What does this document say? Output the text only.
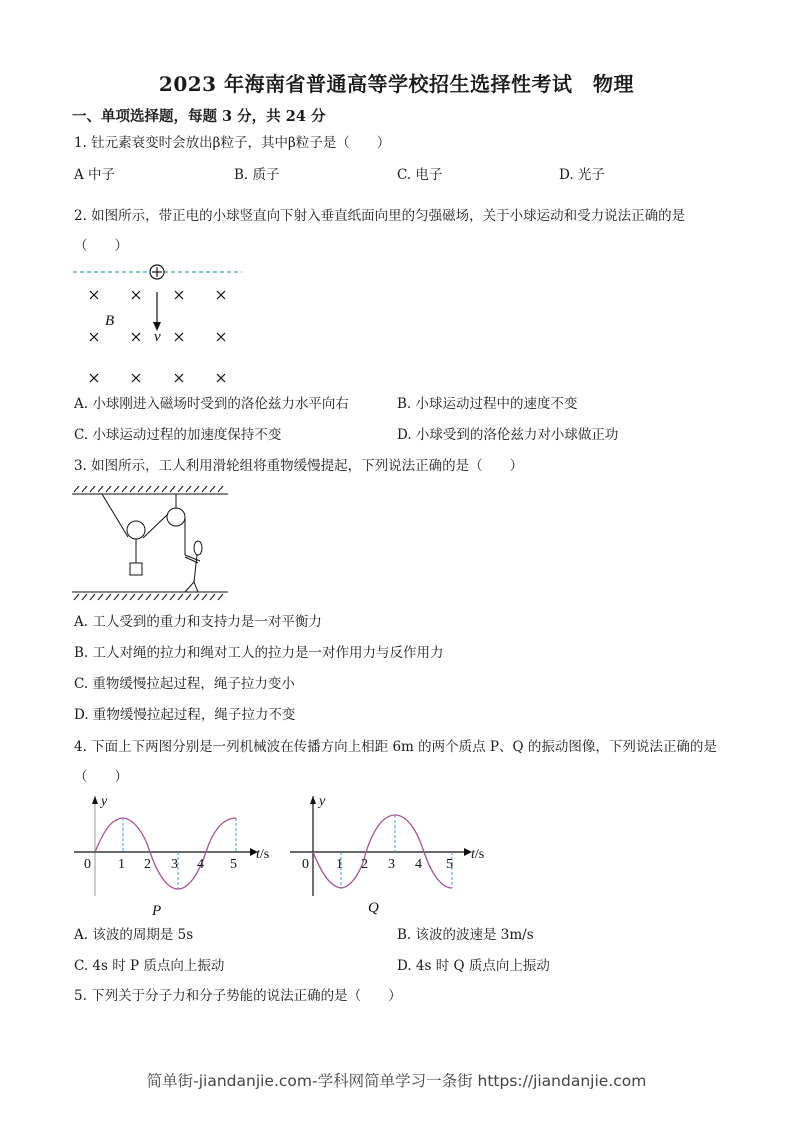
2023 年海南省普通高等学校招生选择性考试　物理
一、单项选择题，每题 3 分，共 24 分
1. 钍元素衰变时会放出β粒子，其中β粒子是（　　）
A 中子	B. 质子	C. 电子	D. 光子
2. 如图所示，带正电的小球竖直向下射入垂直纸面向里的匀强磁场，关于小球运动和受力说法正确的是
（　　）
B
v
A. 小球刚进入磁场时受到的洛伦兹力水平向右	B. 小球运动过程中的速度不变
C. 小球运动过程的加速度保持不变	D. 小球受到的洛伦兹力对小球做正功
3. 如图所示，工人利用滑轮组将重物缓慢提起，下列说法正确的是（　　）
A. 工人受到的重力和支持力是一对平衡力
B. 工人对绳的拉力和绳对工人的拉力是一对作用力与反作用力
C. 重物缓慢拉起过程，绳子拉力变小
D. 重物缓慢拉起过程，绳子拉力不变
4. 下面上下两图分别是一列机械波在传播方向上相距 6m 的两个质点 P、Q 的振动图像，下列说法正确的是
（　　）
y
t/s
0 1 2 3 4 5
P
y
t/s
0 1 2 3 4 5
Q
A. 该波的周期是 5s	B. 该波的波速是 3m/s
C. 4s 时 P 质点向上振动	D. 4s 时 Q 质点向上振动
5. 下列关于分子力和分子势能的说法正确的是（　　）
简单街-jiandanjie.com-学科网简单学习一条街 https://jiandanjie.com
